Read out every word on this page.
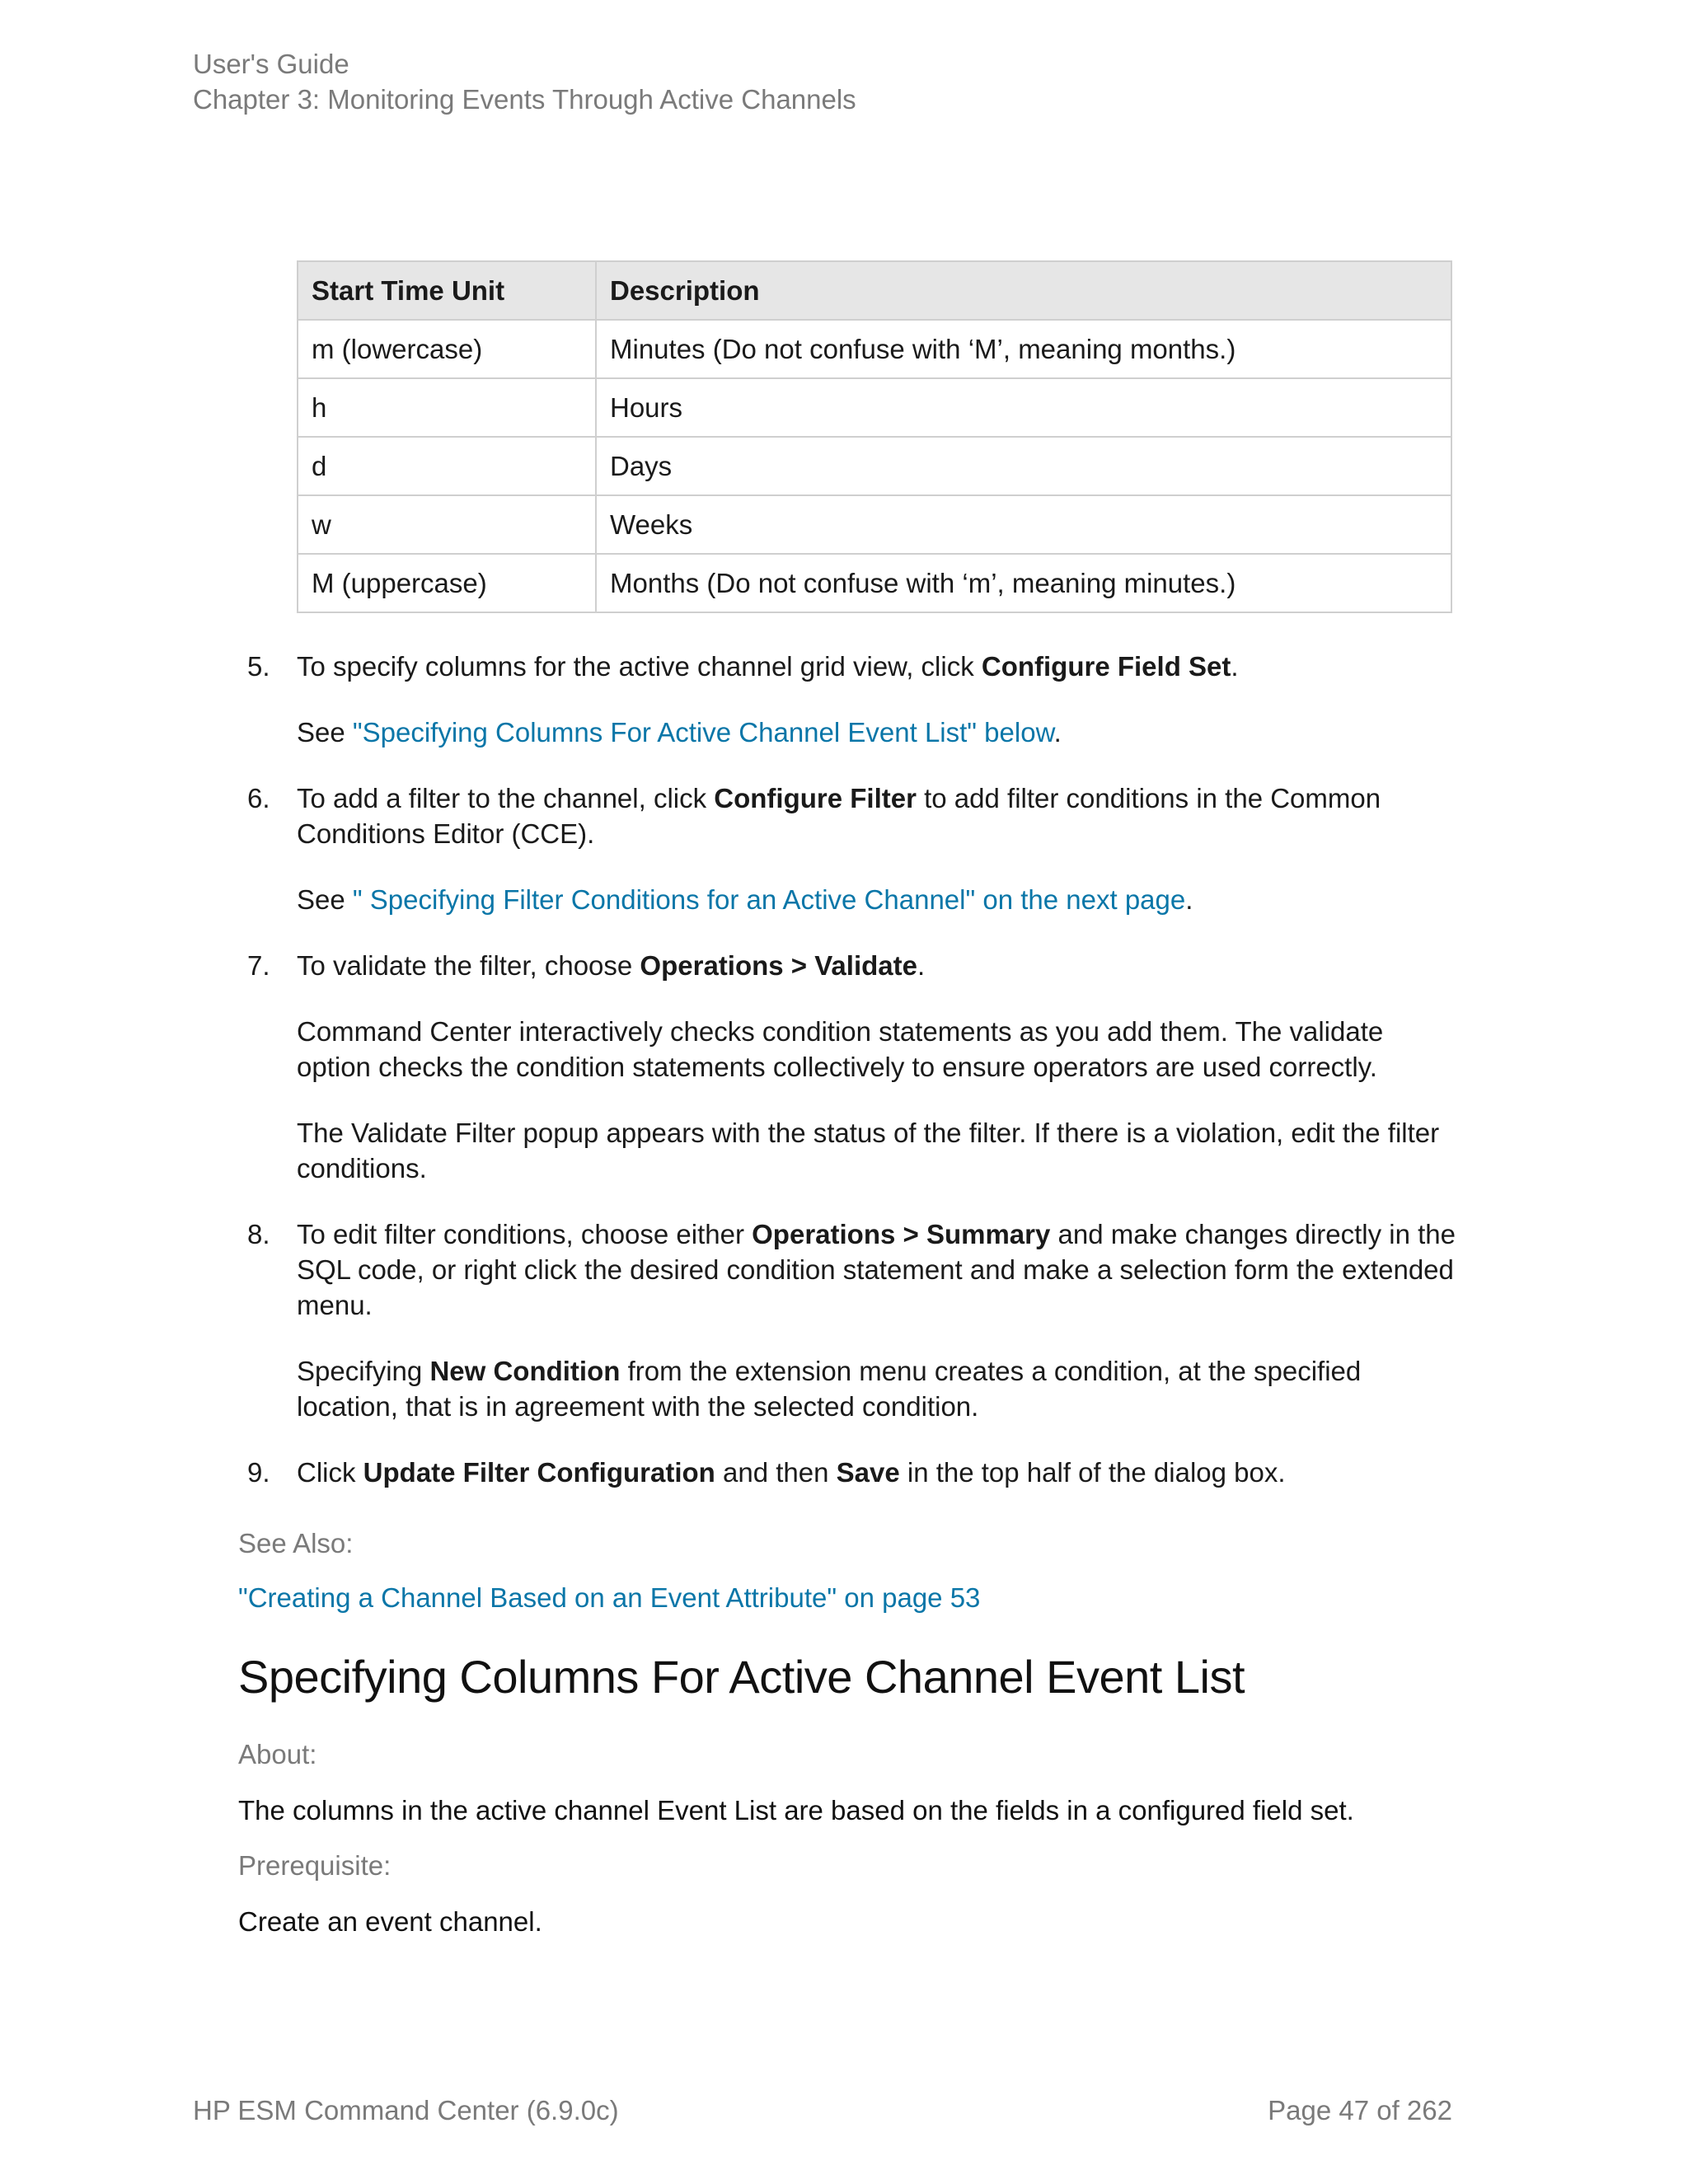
User's Guide
Chapter 3: Monitoring Events Through Active Channels
Start Time Unit	Description
m (lowercase)	Minutes (Do not confuse with ‘M’, meaning months.)
h	Hours
d	Days
w	Weeks
M (uppercase)	Months (Do not confuse with ‘m’, meaning minutes.)
5. To specify columns for the active channel grid view, click Configure Field Set.

See "Specifying Columns For Active Channel Event List" below.

6. To add a filter to the channel, click Configure Filter to add filter conditions in the Common Conditions Editor (CCE).

See " Specifying Filter Conditions for an Active Channel" on the next page.

7. To validate the filter, choose Operations > Validate.

Command Center interactively checks condition statements as you add them. The validate option checks the condition statements collectively to ensure operators are used correctly.

The Validate Filter popup appears with the status of the filter. If there is a violation, edit the filter conditions.

8. To edit filter conditions, choose either Operations > Summary and make changes directly in the SQL code, or right click the desired condition statement and make a selection form the extended menu.

Specifying New Condition from the extension menu creates a condition, at the specified location, that is in agreement with the selected condition.

9. Click Update Filter Configuration and then Save in the top half of the dialog box.

See Also:
"Creating a Channel Based on an Event Attribute" on page 53
Specifying Columns For Active Channel Event List
About:
The columns in the active channel Event List are based on the fields in a configured field set.
Prerequisite:
Create an event channel.
HP ESM Command Center (6.9.0c)	Page 47 of 262
